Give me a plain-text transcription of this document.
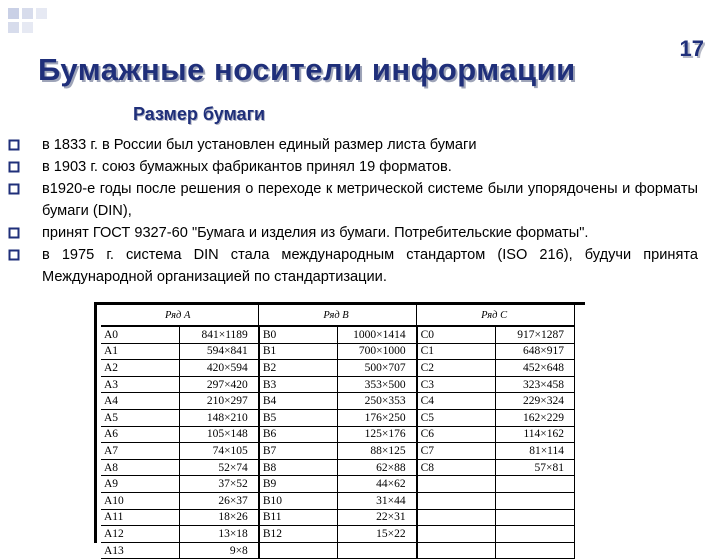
Бумажные носители информации
17
Размер бумаги
в 1833 г. в России был установлен единый размер листа бумаги
в 1903 г. союз бумажных фабрикантов принял 19 форматов.
в1920-е годы после решения о переходе к метрической системе были упорядочены и форматы бумаги (DIN),
принят ГОСТ 9327-60 "Бумага и изделия из бумаги. Потребительские форматы".
в 1975 г. система DIN стала международным стандартом (ISO 216), будучи принята Международной организацией по стандартизации.
Ряд A		Ряд B		Ряд C	
A0	841×1189	B0	1000×1414	C0	917×1287
A1	594×841	B1	700×1000	C1	648×917
A2	420×594	B2	500×707	C2	452×648
A3	297×420	B3	353×500	C3	323×458
A4	210×297	B4	250×353	C4	229×324
A5	148×210	B5	176×250	C5	162×229
A6	105×148	B6	125×176	C6	114×162
A7	74×105	B7	88×125	C7	81×114
A8	52×74	B8	62×88	C8	57×81
A9	37×52	B9	44×62		
A10	26×37	B10	31×44		
A11	18×26	B11	22×31		
A12	13×18	B12	15×22		
A13	9×8				
